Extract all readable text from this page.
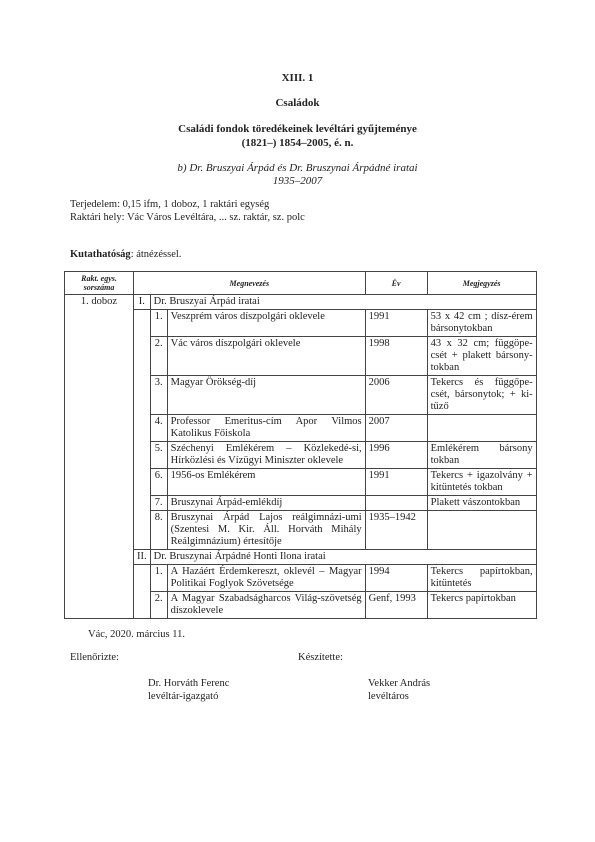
XIII. 1
Családok
Családi fondok töredékeinek levéltári gyűjteménye
(1821–) 1854–2005, é. n.
b) Dr. Bruszyai Árpád és Dr. Bruszynai Árpádné iratai
1935–2007
Terjedelem: 0,15 ifm, 1 doboz, 1 raktári egység
Raktári hely: Vác Város Levéltára, ... sz. raktár, sz. polc
Kutathatóság: átnézéssel.
Rakt. egys.
sorszáma	Megnevezés			Év	Megjegyzés
1. doboz	I.	Dr. Bruszyai Árpád iratai			
		1.	Veszprém város díszpolgári oklevele	1991	53 x 42 cm ; dísz-érem bársonytokban
		2.	Vác város díszpolgári oklevele	1998	43 x 32 cm; függöpe-csét + plakett bársony-tokban
		3.	Magyar Örökség-díj	2006	Tekercs és függőpe-csét, bársonytok; + ki-tűző
		4.	Professor Emeritus-cím Apor Vilmos Katolikus Főiskola	2007	
		5.	Széchenyi Emlékérem – Közlekedé-si, Hírközlési és Vízügyi Miniszter oklevele	1996	Emlékérem bársony tokban
		6.	1956-os Emlékérem	1991	Tekercs + igazolvány + kitüntetés tokban
		7.	Bruszynai Árpád-emlékdíj		Plakett vászontokban
		8.	Bruszynai Árpád Lajos reálgimnázi-umi (Szentesi M. Kir. Áll. Horváth Mihály Reálgimnázium) értesítője	1935–1942	
	II.	Dr. Bruszynai Árpádné Honti Ilona iratai			
		1.	A Hazáért Érdemkereszt, oklevél – Magyar Politikai Foglyok Szövetsége	1994	Tekercs papírtokban, kitüntetés
		2.	A Magyar Szabadságharcos Világ-szövetség díszoklevele	Genf, 1993	Tekercs papírtokban
Vác, 2020. március 11.
Ellenőrizte:	Készítette:
Dr. Horváth Ferenc
levéltár-igazgató
Vekker András
levéltáros
